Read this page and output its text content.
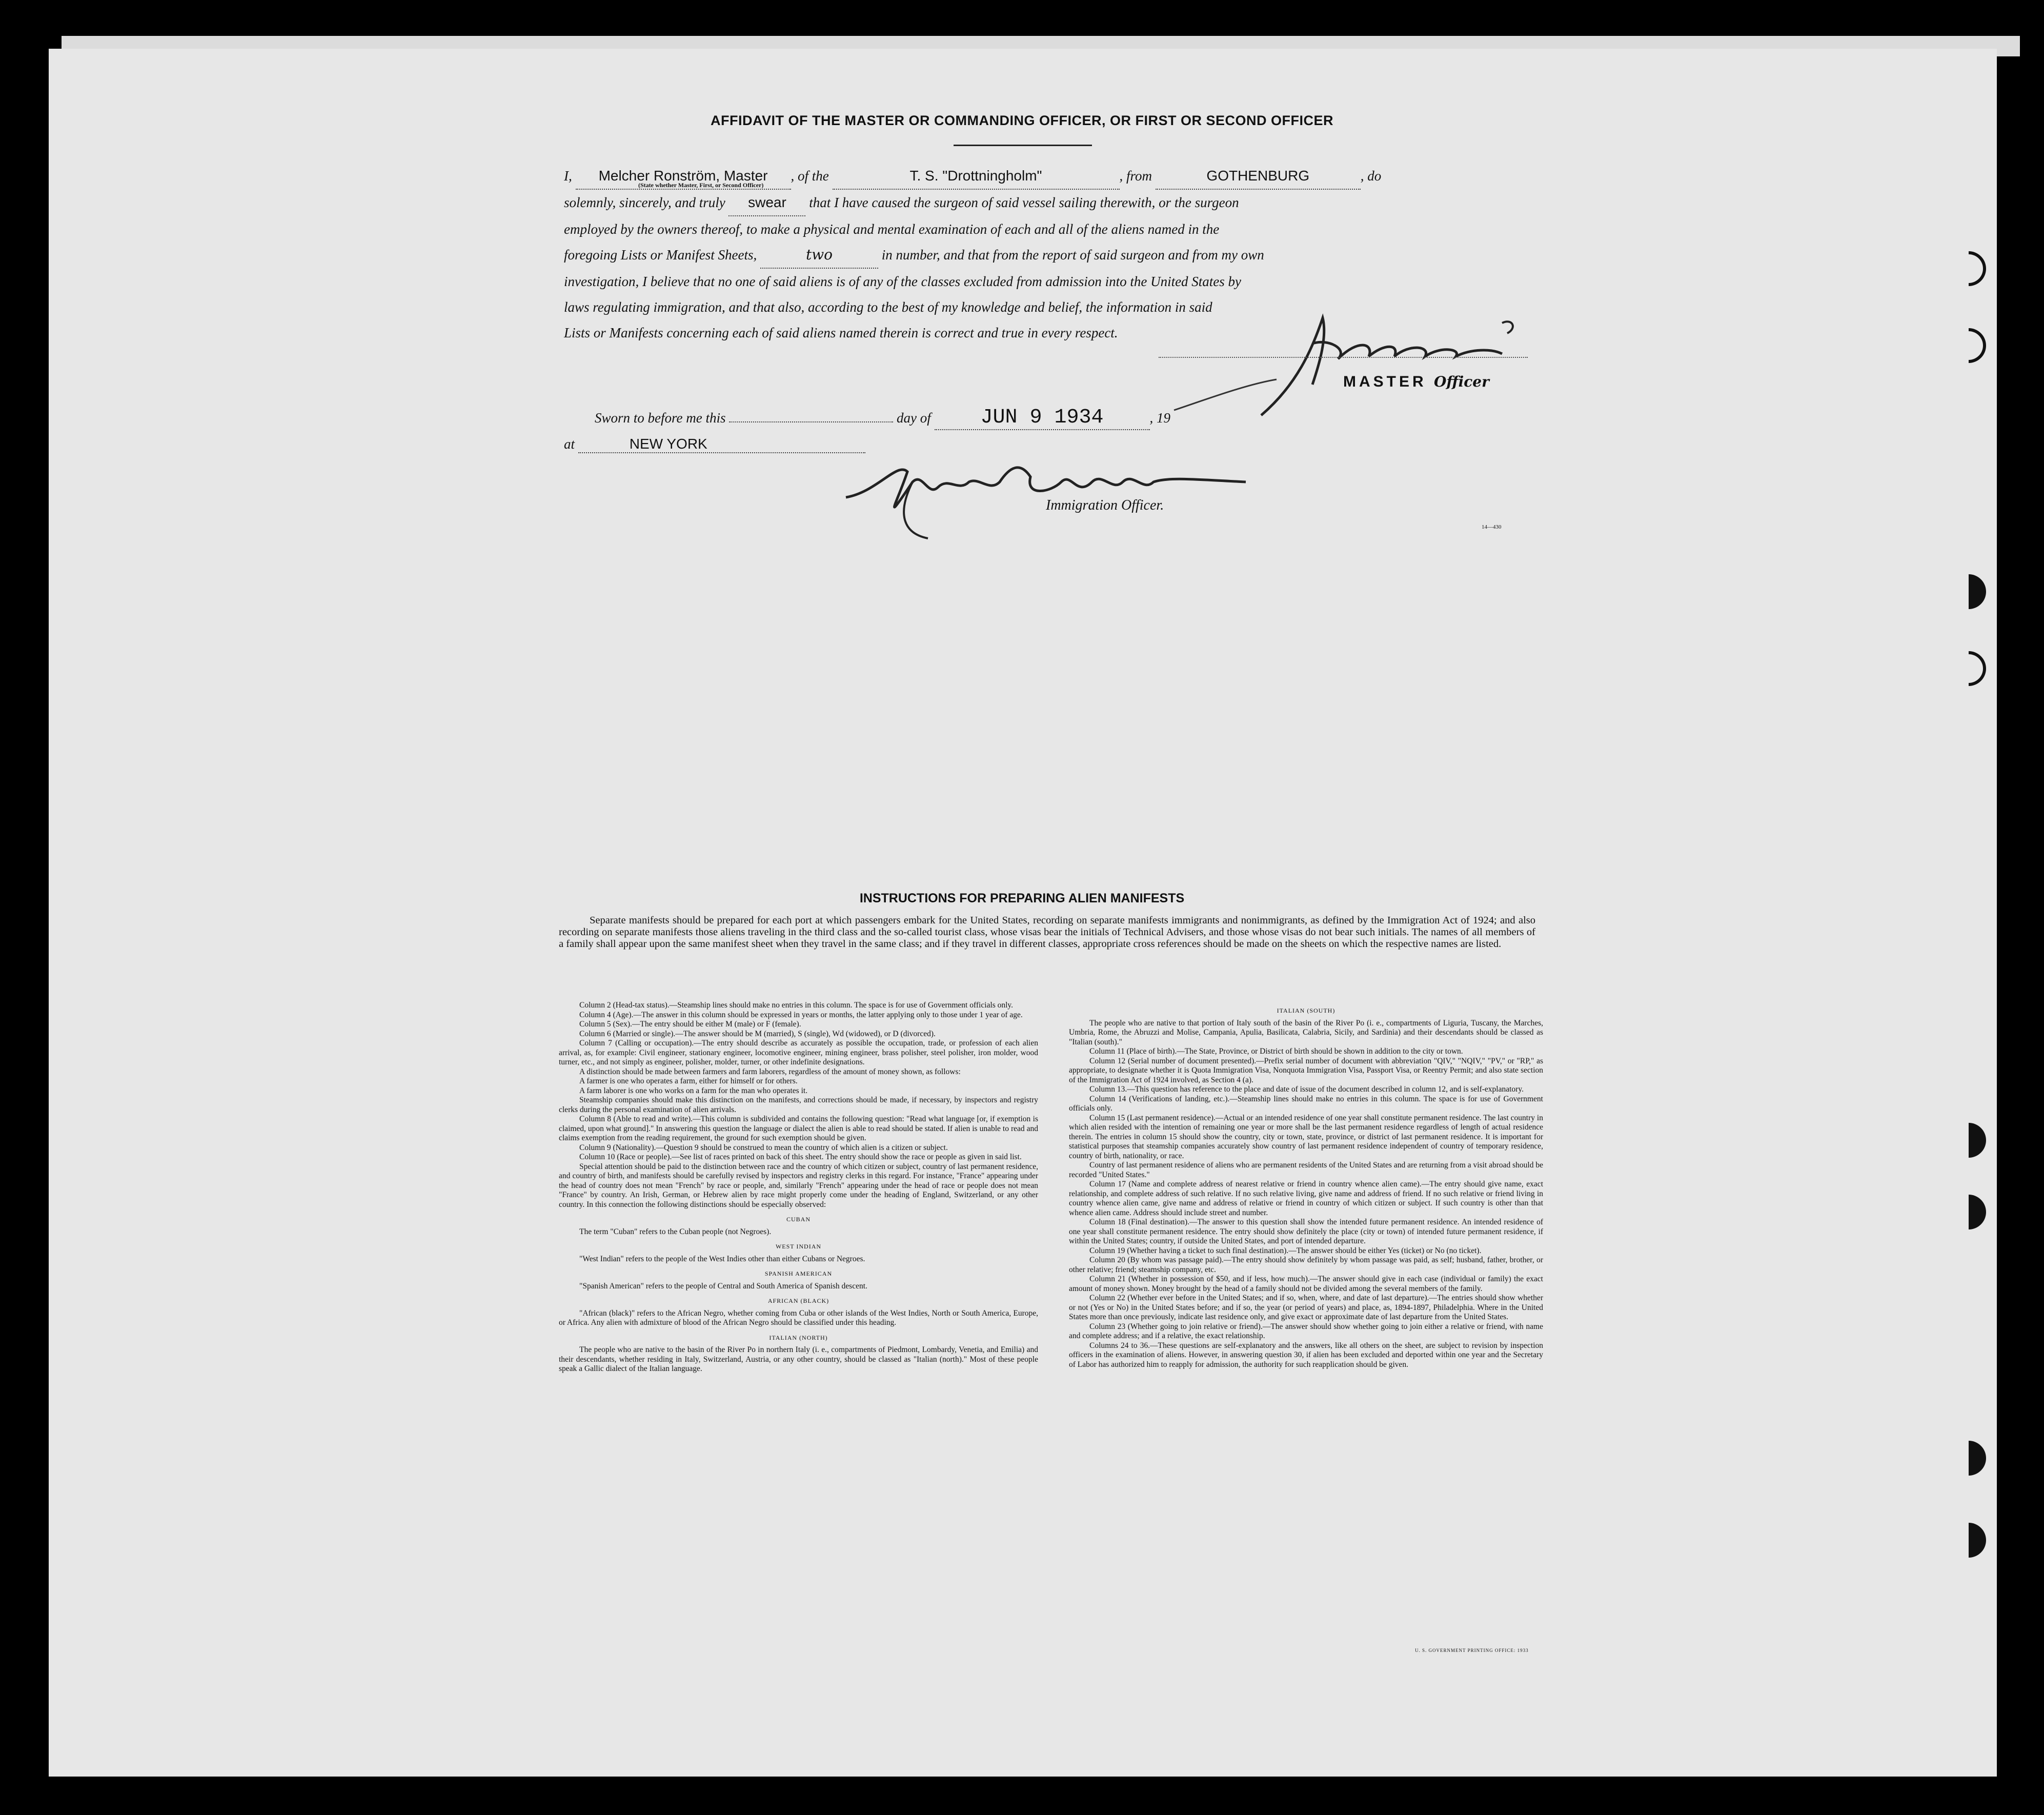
AFFIDAVIT OF THE MASTER OR COMMANDING OFFICER, OR FIRST OR SECOND OFFICER
I, Melcher Ronström, Master , of the	T. S. "Drottningholm"	, from	GOTHENBURG	, do
solemnly, sincerely, and truly swear that I have caused the surgeon of said vessel sailing therewith, or the surgeon
employed by the owners thereof, to make a physical and mental examination of each and all of the aliens named in the
foregoing Lists or Manifest Sheets,	two	in number, and that from the report of said surgeon and from my own
investigation, I believe that no one of said aliens is of any of the classes excluded from admission into the United States by
laws regulating immigration, and that also, according to the best of my knowledge and belief, the information in said
Lists or Manifests concerning each of said aliens named therein is correct and true in every respect.
(State whether Master, First, or Second Officer)
MASTER Officer
Sworn to before me this	day of JUN 9 1934	, 19
at	NEW YORK
Immigration Officer.
14—430
INSTRUCTIONS FOR PREPARING ALIEN MANIFESTS
Separate manifests should be prepared for each port at which passengers embark for the United States, recording on separate manifests immigrants and nonimmigrants, as defined by the Immigration Act of 1924; and also recording on separate manifests those aliens traveling in the third class and the so-called tourist class, whose visas bear the initials of Technical Advisers, and those whose visas do not bear such initials. The names of all members of a family shall appear upon the same manifest sheet when they travel in the same class; and if they travel in different classes, appropriate cross references should be made on the sheets on which the respective names are listed.

Column 2 (Head-tax status).—Steamship lines should make no entries in this column. The space is for use of Government officials only.

Column 4 (Age).—The answer in this column should be expressed in years or months, the latter applying only to those under 1 year of age.

Column 5 (Sex).—The entry should be either M (male) or F (female).

Column 6 (Married or single).—The answer should be M (married), S (single), Wd (widowed), or D (divorced).

Column 7 (Calling or occupation).—The entry should describe as accurately as possible the occupation, trade, or profession of each alien arrival, as, for example: Civil engineer, stationary engineer, locomotive engineer, mining engineer, brass polisher, steel polisher, iron molder, wood turner, etc., and not simply as engineer, polisher, molder, turner, or other indefinite designations.

A distinction should be made between farmers and farm laborers, regardless of the amount of money shown, as follows:

A farmer is one who operates a farm, either for himself or for others.

A farm laborer is one who works on a farm for the man who operates it.

Steamship companies should make this distinction on the manifests, and corrections should be made, if necessary, by inspectors and registry clerks during the personal examination of alien arrivals.

Column 8 (Able to read and write).—This column is subdivided and contains the following question: "Read what language [or, if exemption is claimed, upon what ground]." In answering this question the language or dialect the alien is able to read should be stated. If alien is unable to read and claims exemption from the reading requirement, the ground for such exemption should be given.

Column 9 (Nationality).—Question 9 should be construed to mean the country of which alien is a citizen or subject.

Column 10 (Race or people).—See list of races printed on back of this sheet. The entry should show the race or people as given in said list.

Special attention should be paid to the distinction between race and the country of which citizen or subject, country of last permanent residence, and country of birth, and manifests should be carefully revised by inspectors and registry clerks in this regard. For instance, "France" appearing under the head of country does not mean "French" by race or people, and, similarly "French" appearing under the head of race or people does not mean "France" by country. An Irish, German, or Hebrew alien by race might properly come under the heading of England, Switzerland, or any other country. In this connection the following distinctions should be especially observed:

CUBAN

The term "Cuban" refers to the Cuban people (not Negroes).

WEST INDIAN

"West Indian" refers to the people of the West Indies other than either Cubans or Negroes.

SPANISH AMERICAN

"Spanish American" refers to the people of Central and South America of Spanish descent.

AFRICAN (BLACK)

"African (black)" refers to the African Negro, whether coming from Cuba or other islands of the West Indies, North or South America, Europe, or Africa. Any alien with admixture of blood of the African Negro should be classified under this heading.

ITALIAN (NORTH)

The people who are native to the basin of the River Po in northern Italy (i. e., compartments of Piedmont, Lombardy, Venetia, and Emilia) and their descendants, whether residing in Italy, Switzerland, Austria, or any other country, should be classed as "Italian (north)." Most of these people speak a Gallic dialect of the Italian language.

ITALIAN (SOUTH)

The people who are native to that portion of Italy south of the basin of the River Po (i. e., compartments of Liguria, Tuscany, the Marches, Umbria, Rome, the Abruzzi and Molise, Campania, Apulia, Basilicata, Calabria, Sicily, and Sardinia) and their descendants should be classed as "Italian (south)."

Column 11 (Place of birth).—The State, Province, or District of birth should be shown in addition to the city or town.

Column 12 (Serial number of document presented).—Prefix serial number of document with abbreviation "QIV," "NQIV," "PV," or "RP," as appropriate, to designate whether it is Quota Immigration Visa, Nonquota Immigration Visa, Passport Visa, or Reentry Permit; and also state section of the Immigration Act of 1924 involved, as Section 4 (a).

Column 13.—This question has reference to the place and date of issue of the document described in column 12, and is self-explanatory.

Column 14 (Verifications of landing, etc.).—Steamship lines should make no entries in this column. The space is for use of Government officials only.

Column 15 (Last permanent residence).—Actual or an intended residence of one year shall constitute permanent residence. The last country in which alien resided with the intention of remaining one year or more shall be the last permanent residence regardless of length of actual residence therein. The entries in column 15 should show the country, city or town, state, province, or district of last permanent residence. It is important for statistical purposes that steamship companies accurately show country of last permanent residence independent of country of temporary residence, country of birth, nationality, or race.

Country of last permanent residence of aliens who are permanent residents of the United States and are returning from a visit abroad should be recorded "United States."

Column 17 (Name and complete address of nearest relative or friend in country whence alien came).—The entry should give name, exact relationship, and complete address of such relative. If no such relative living, give name and address of friend. If no such relative or friend living in country whence alien came, give name and address of relative or friend in country of which citizen or subject. If such country is other than that whence alien came. Address should include street and number.

Column 18 (Final destination).—The answer to this question shall show the intended future permanent residence. An intended residence of one year shall constitute permanent residence. The entry should show definitely the place (city or town) of intended future permanent residence, if within the United States; country, if outside the United States, and port of intended departure.

Column 19 (Whether having a ticket to such final destination).—The answer should be either Yes (ticket) or No (no ticket).

Column 20 (By whom was passage paid).—The entry should show definitely by whom passage was paid, as self; husband, father, brother, or other relative; friend; steamship company, etc.

Column 21 (Whether in possession of $50, and if less, how much).—The answer should give in each case (individual or family) the exact amount of money shown. Money brought by the head of a family should not be divided among the several members of the family.

Column 22 (Whether ever before in the United States; and if so, when, where, and date of last departure).—The entries should show whether or not (Yes or No) in the United States before; and if so, the year (or period of years) and place, as, 1894-1897, Philadelphia. Where in the United States more than once previously, indicate last residence only, and give exact or approximate date of last departure from the United States.

Column 23 (Whether going to join relative or friend).—The answer should show whether going to join either a relative or friend, with name and complete address; and if a relative, the exact relationship.

Columns 24 to 36.—These questions are self-explanatory and the answers, like all others on the sheet, are subject to revision by inspection officers in the examination of aliens. However, in answering question 30, if alien has been excluded and deported within one year and the Secretary of Labor has authorized him to reapply for admission, the authority for such reapplication should be given.

U. S. GOVERNMENT PRINTING OFFICE: 1933
